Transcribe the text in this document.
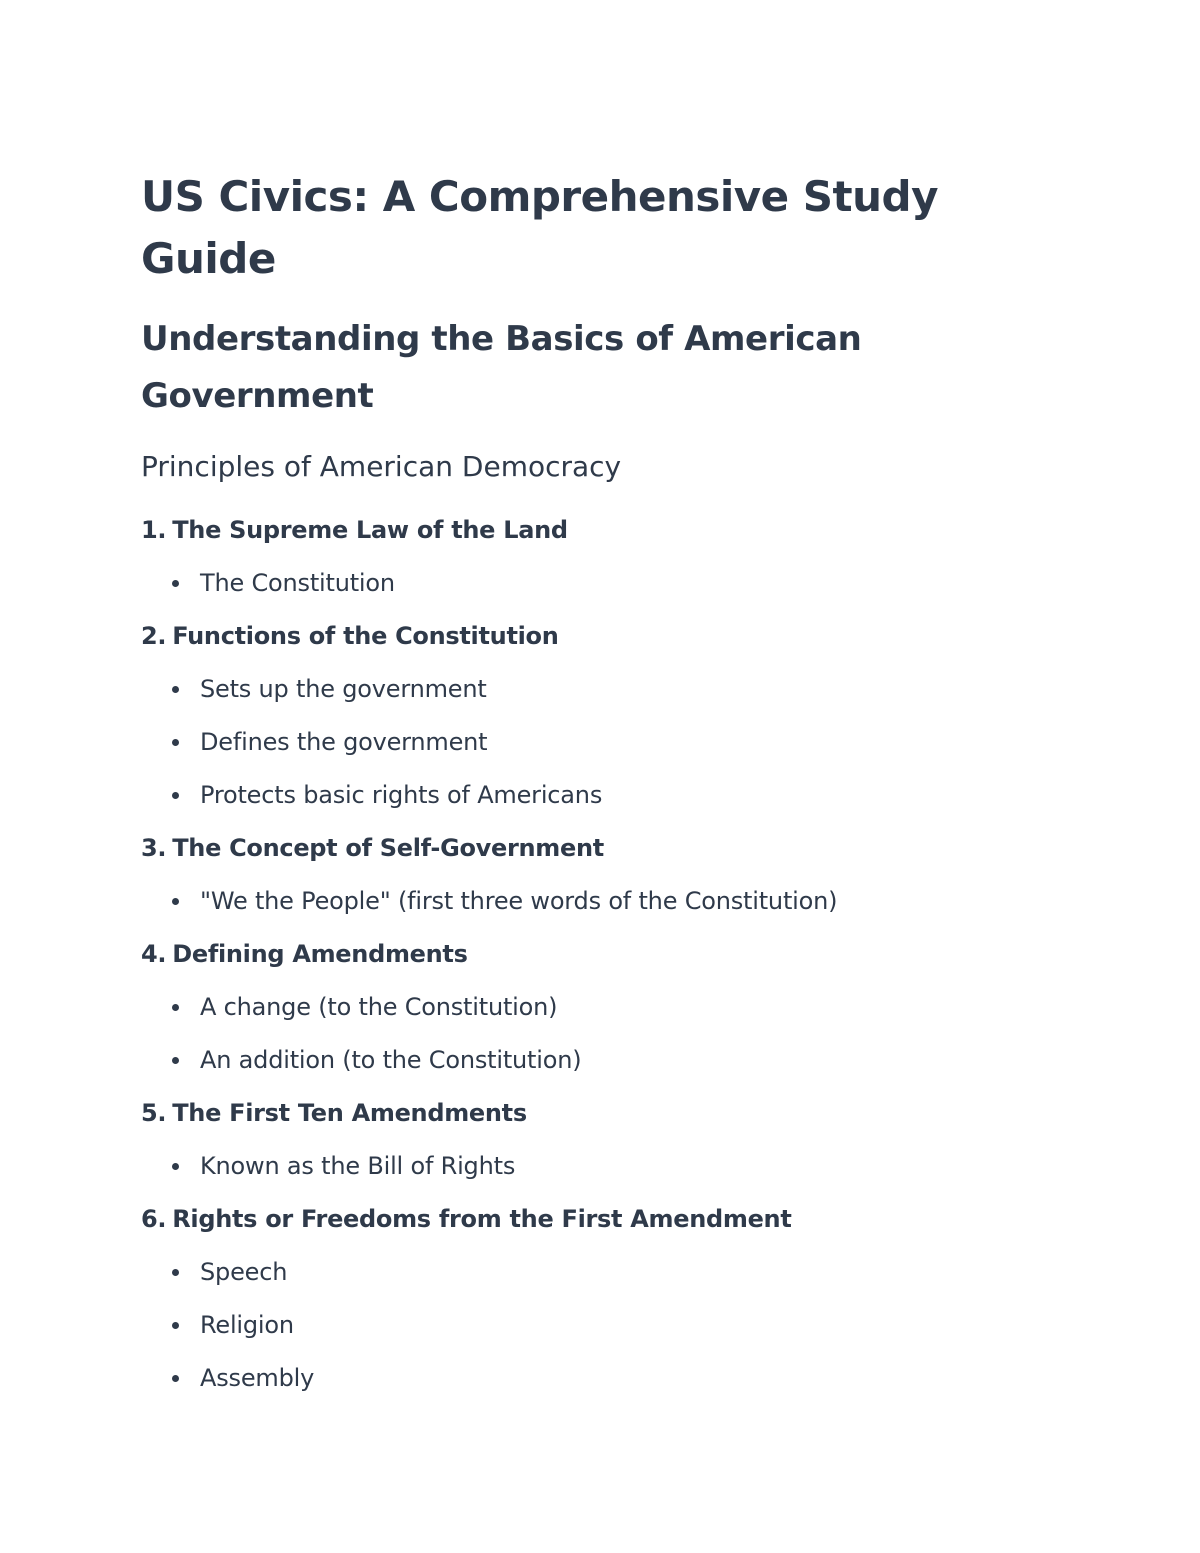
US Civics: A Comprehensive Study Guide
Understanding the Basics of American Government
Principles of American Democracy
1. The Supreme Law of the Land
The Constitution
2. Functions of the Constitution
Sets up the government
Defines the government
Protects basic rights of Americans
3. The Concept of Self-Government
"We the People" (first three words of the Constitution)
4. Defining Amendments
A change (to the Constitution)
An addition (to the Constitution)
5. The First Ten Amendments
Known as the Bill of Rights
6. Rights or Freedoms from the First Amendment
Speech
Religion
Assembly
